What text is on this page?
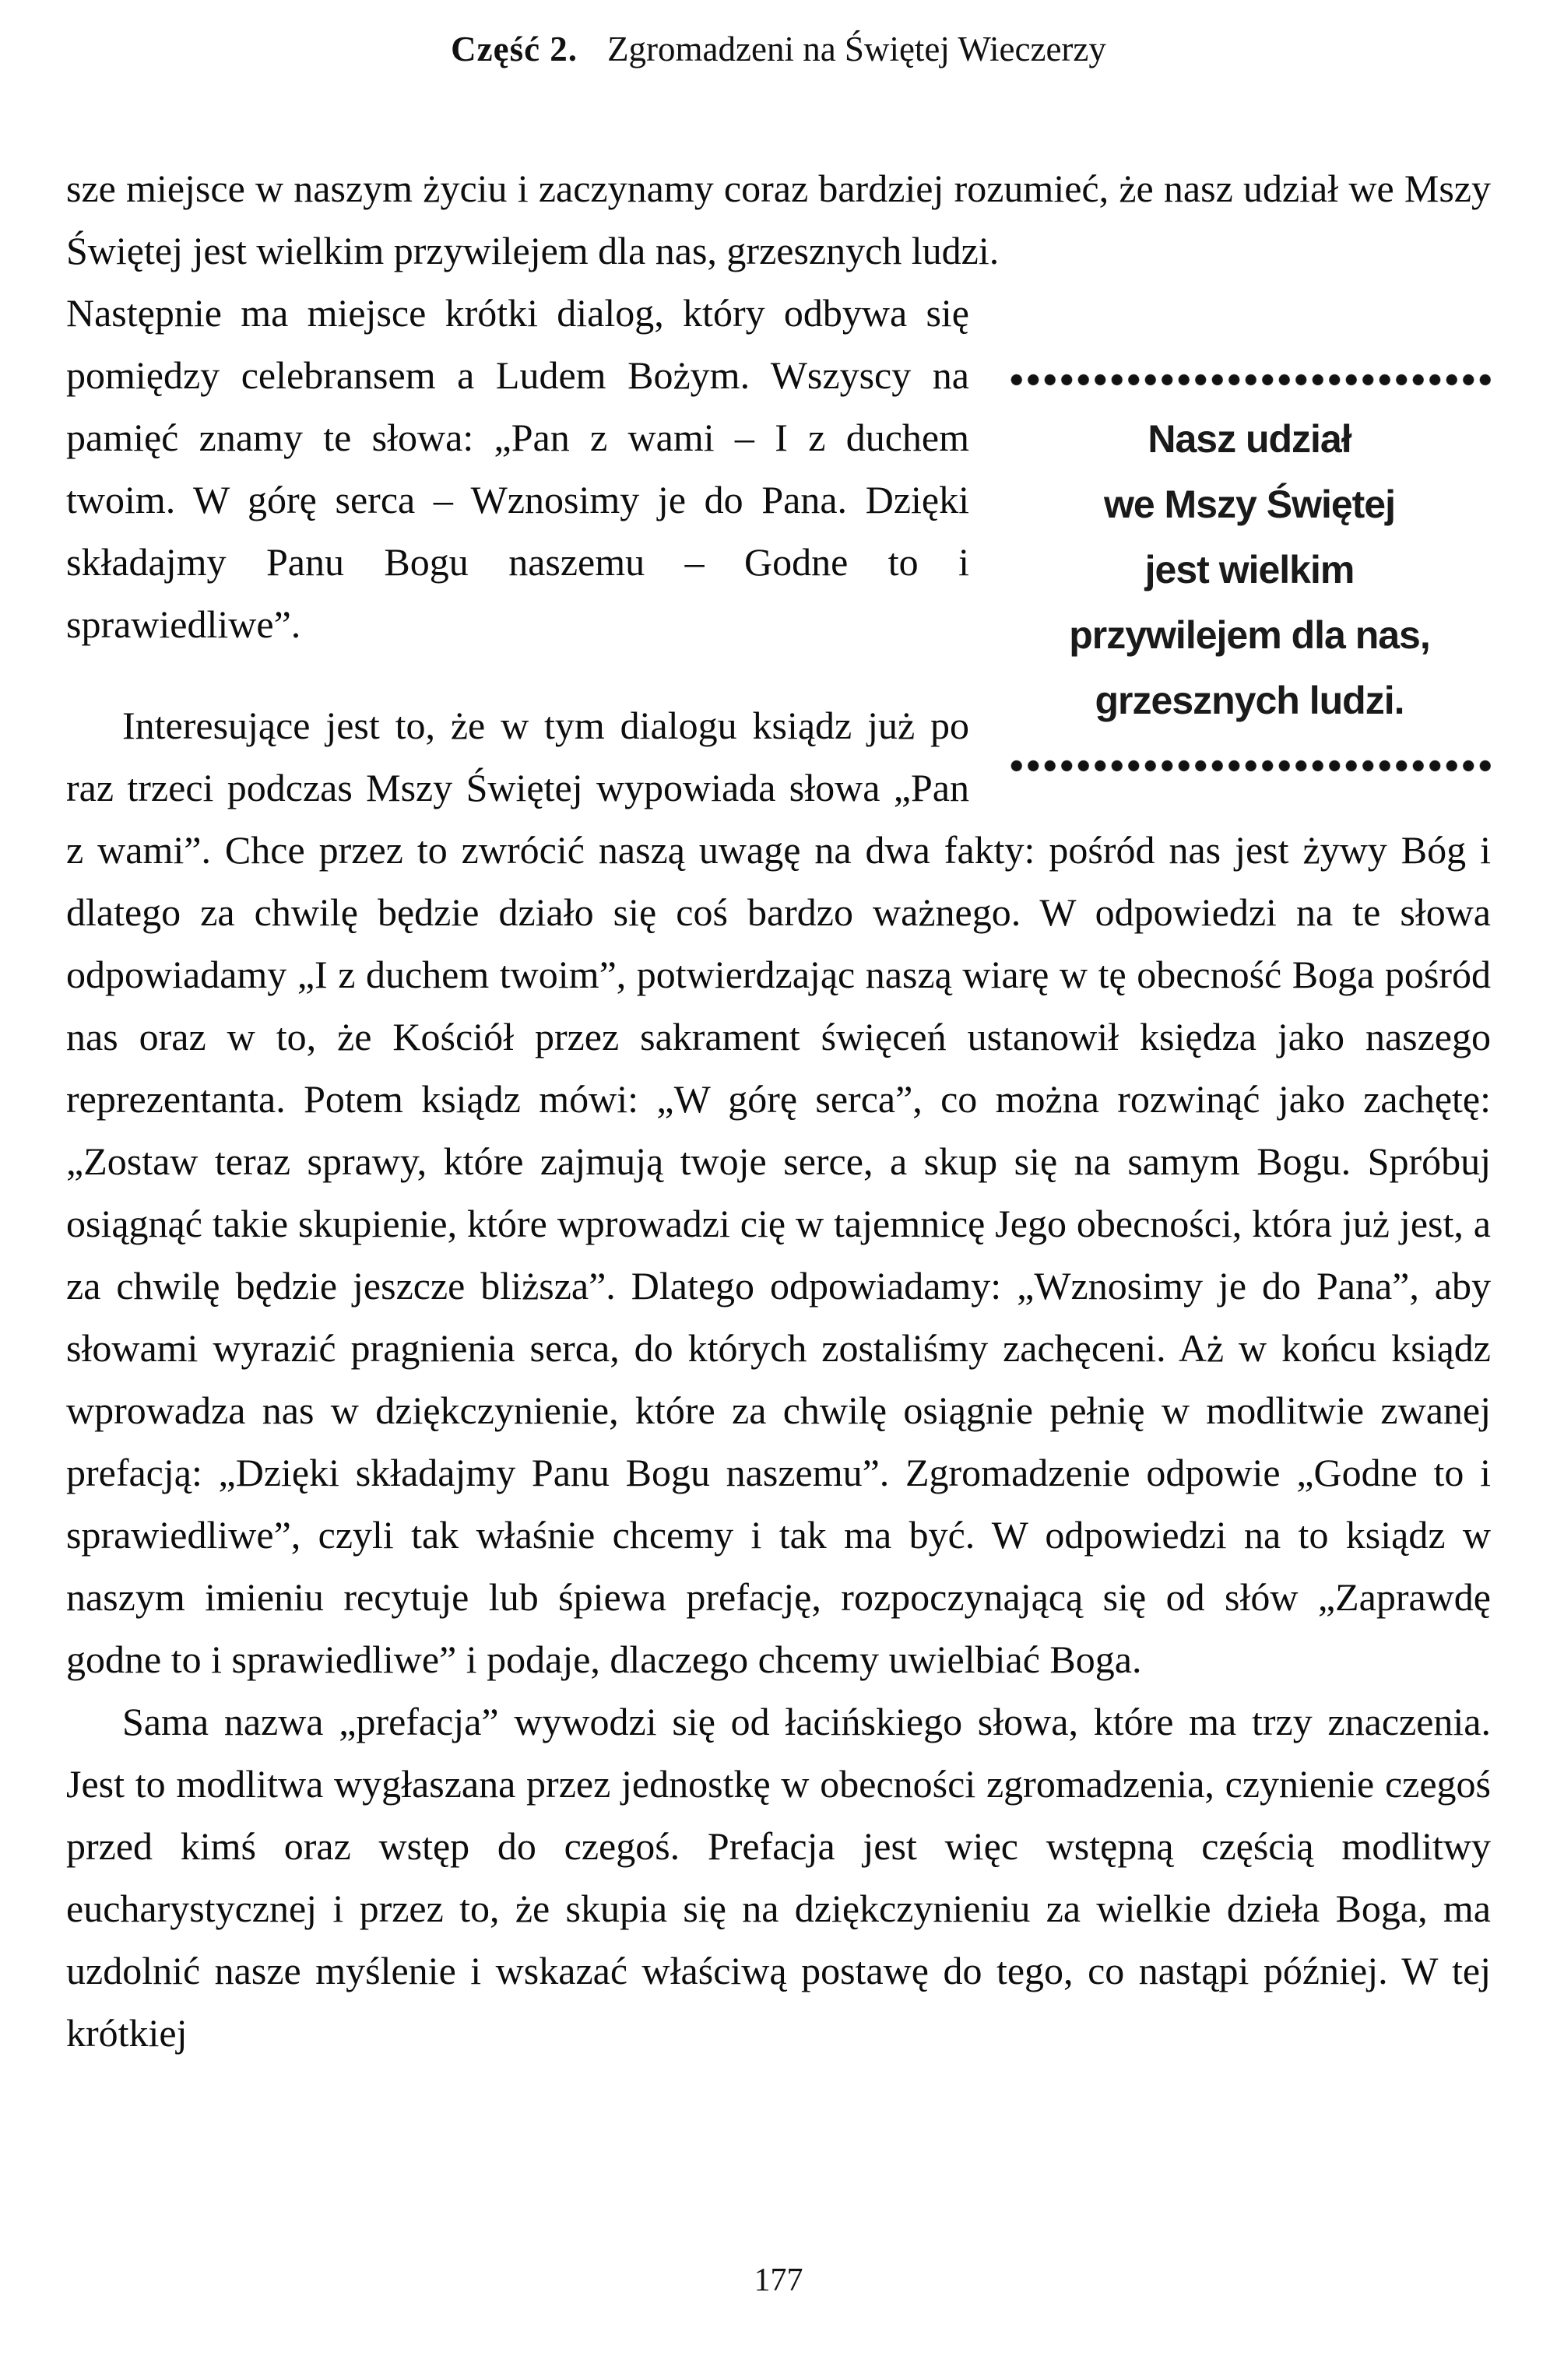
Część 2. Zgromadzeni na Świętej Wieczerzy

sze miejsce w naszym życiu i zaczynamy coraz bardziej rozumieć, że nasz udział we Mszy Świętej jest wielkim przywilejem dla nas, grzesznych ludzi.

Nasz udział
we Mszy Świętej
jest wielkim
przywilejem dla nas,
grzesznych ludzi.
Następnie ma miejsce krótki dialog, który odbywa się pomiędzy celebransem a Ludem Bożym. Wszyscy na pamięć znamy te słowa: „Pan z wami – I z duchem twoim. W górę serca – Wznosimy je do Pana. Dzięki składajmy Panu Bogu naszemu – Godne to i sprawiedliwe”.

Interesujące jest to, że w tym dialogu ksiądz już po raz trzeci podczas Mszy Świętej wypowiada słowa „Pan z wami”. Chce przez to zwrócić naszą uwagę na dwa fakty: pośród nas jest żywy Bóg i dlatego za chwilę będzie działo się coś bardzo ważnego. W odpowiedzi na te słowa odpowiadamy „I z duchem twoim”, potwierdzając naszą wiarę w tę obecność Boga pośród nas oraz w to, że Kościół przez sakrament święceń ustanowił księdza jako naszego reprezentanta. Potem ksiądz mówi: „W górę serca”, co można rozwinąć jako zachętę: „Zostaw teraz sprawy, które zajmują twoje serce, a skup się na samym Bogu. Spróbuj osiągnąć takie skupienie, które wprowadzi cię w tajemnicę Jego obecności, która już jest, a za chwilę będzie jeszcze bliższa”. Dlatego odpowiadamy: „Wznosimy je do Pana”, aby słowami wyrazić pragnienia serca, do których zostaliśmy zachęceni. Aż w końcu ksiądz wprowadza nas w dziękczynienie, które za chwilę osiągnie pełnię w modlitwie zwanej prefacją: „Dzięki składajmy Panu Bogu naszemu”. Zgromadzenie odpowie „Godne to i sprawiedliwe”, czyli tak właśnie chcemy i tak ma być. W odpowiedzi na to ksiądz w naszym imieniu recytuje lub śpiewa prefację, rozpoczynającą się od słów „Zaprawdę godne to i sprawiedliwe” i podaje, dlaczego chcemy uwielbiać Boga.

Sama nazwa „prefacja” wywodzi się od łacińskiego słowa, które ma trzy znaczenia. Jest to modlitwa wygłaszana przez jednostkę w obecności zgromadzenia, czynienie czegoś przed kimś oraz wstęp do czegoś. Prefacja jest więc wstępną częścią modlitwy eucharystycznej i przez to, że skupia się na dziękczynieniu za wielkie dzieła Boga, ma uzdolnić nasze myślenie i wskazać właściwą postawę do tego, co nastąpi później. W tej krótkiej

177
